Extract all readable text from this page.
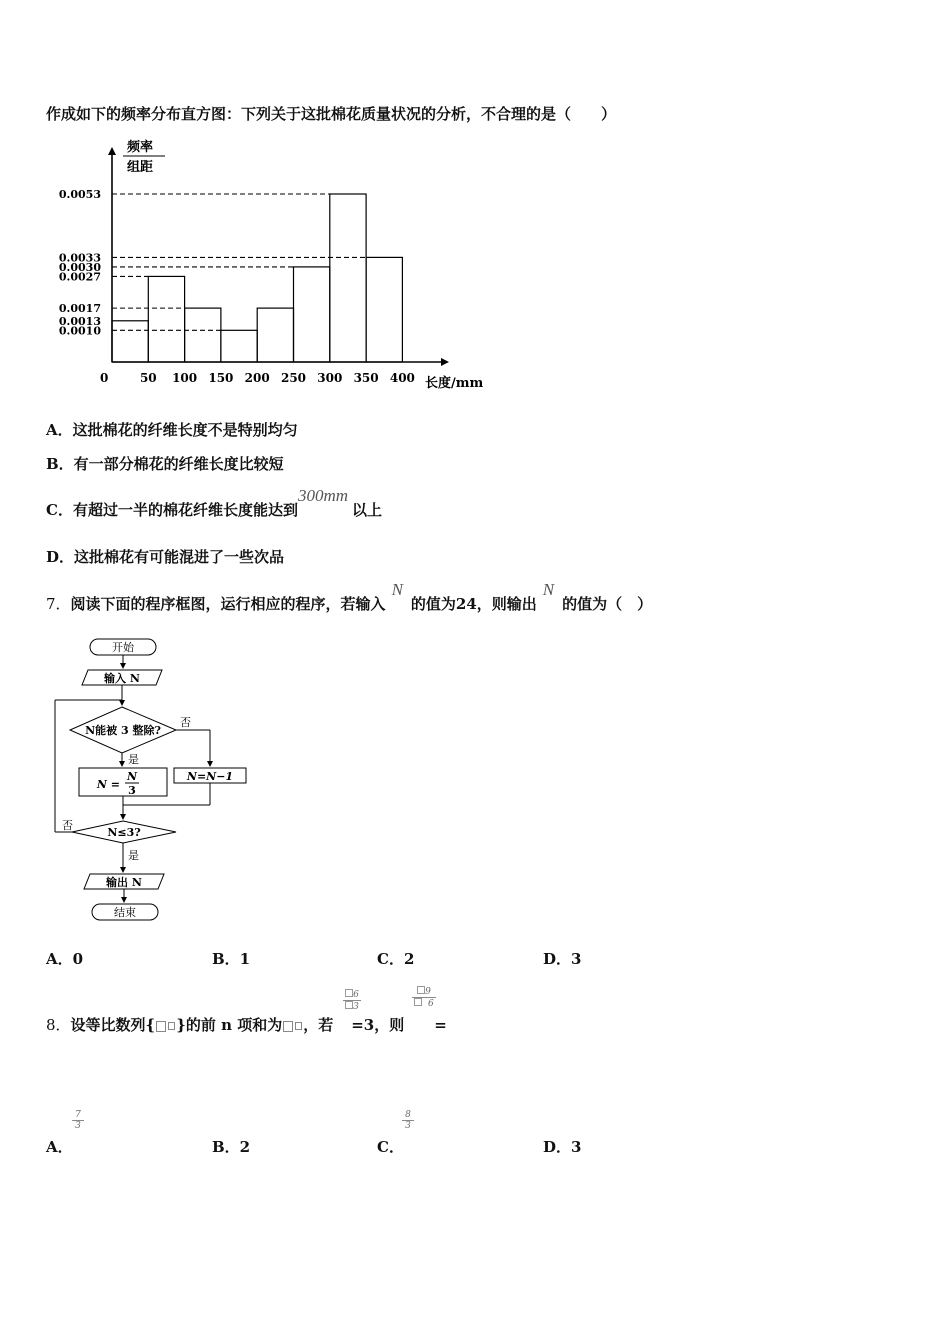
作成如下的频率分布直方图：下列关于这批棉花质量状况的分析，不合理的是（　　）
频率
组距
长度/mm
0
0.0053
0.0033
0.0030
0.0027
0.0017
0.0013
0.0010
50 100 150 200 250 300 350 400
A．这批棉花的纤维长度不是特别均匀
B．有一部分棉花的纤维长度比较短
C．有超过一半的棉花纤维长度能达到300mm以上
D．这批棉花有可能混进了一些次品
7．阅读下面的程序框图，运行相应的程序，若输入N的值为24，则输出N的值为（　）
开始
输入 N
N能被 3 整除?
否
N=N−1
是
N =
N
3
N≤3?
否
是
输出 N
结束
A．0	B．1	C．2	D．3
8．设等比数列{ }的前 n 项和为 ，若 =3，则 =
$\frac{6}{3}$	$\frac{9}{6}$
A．
$\frac{7}{3}$
B．2	C．
$\frac{8}{3}$
D．3
